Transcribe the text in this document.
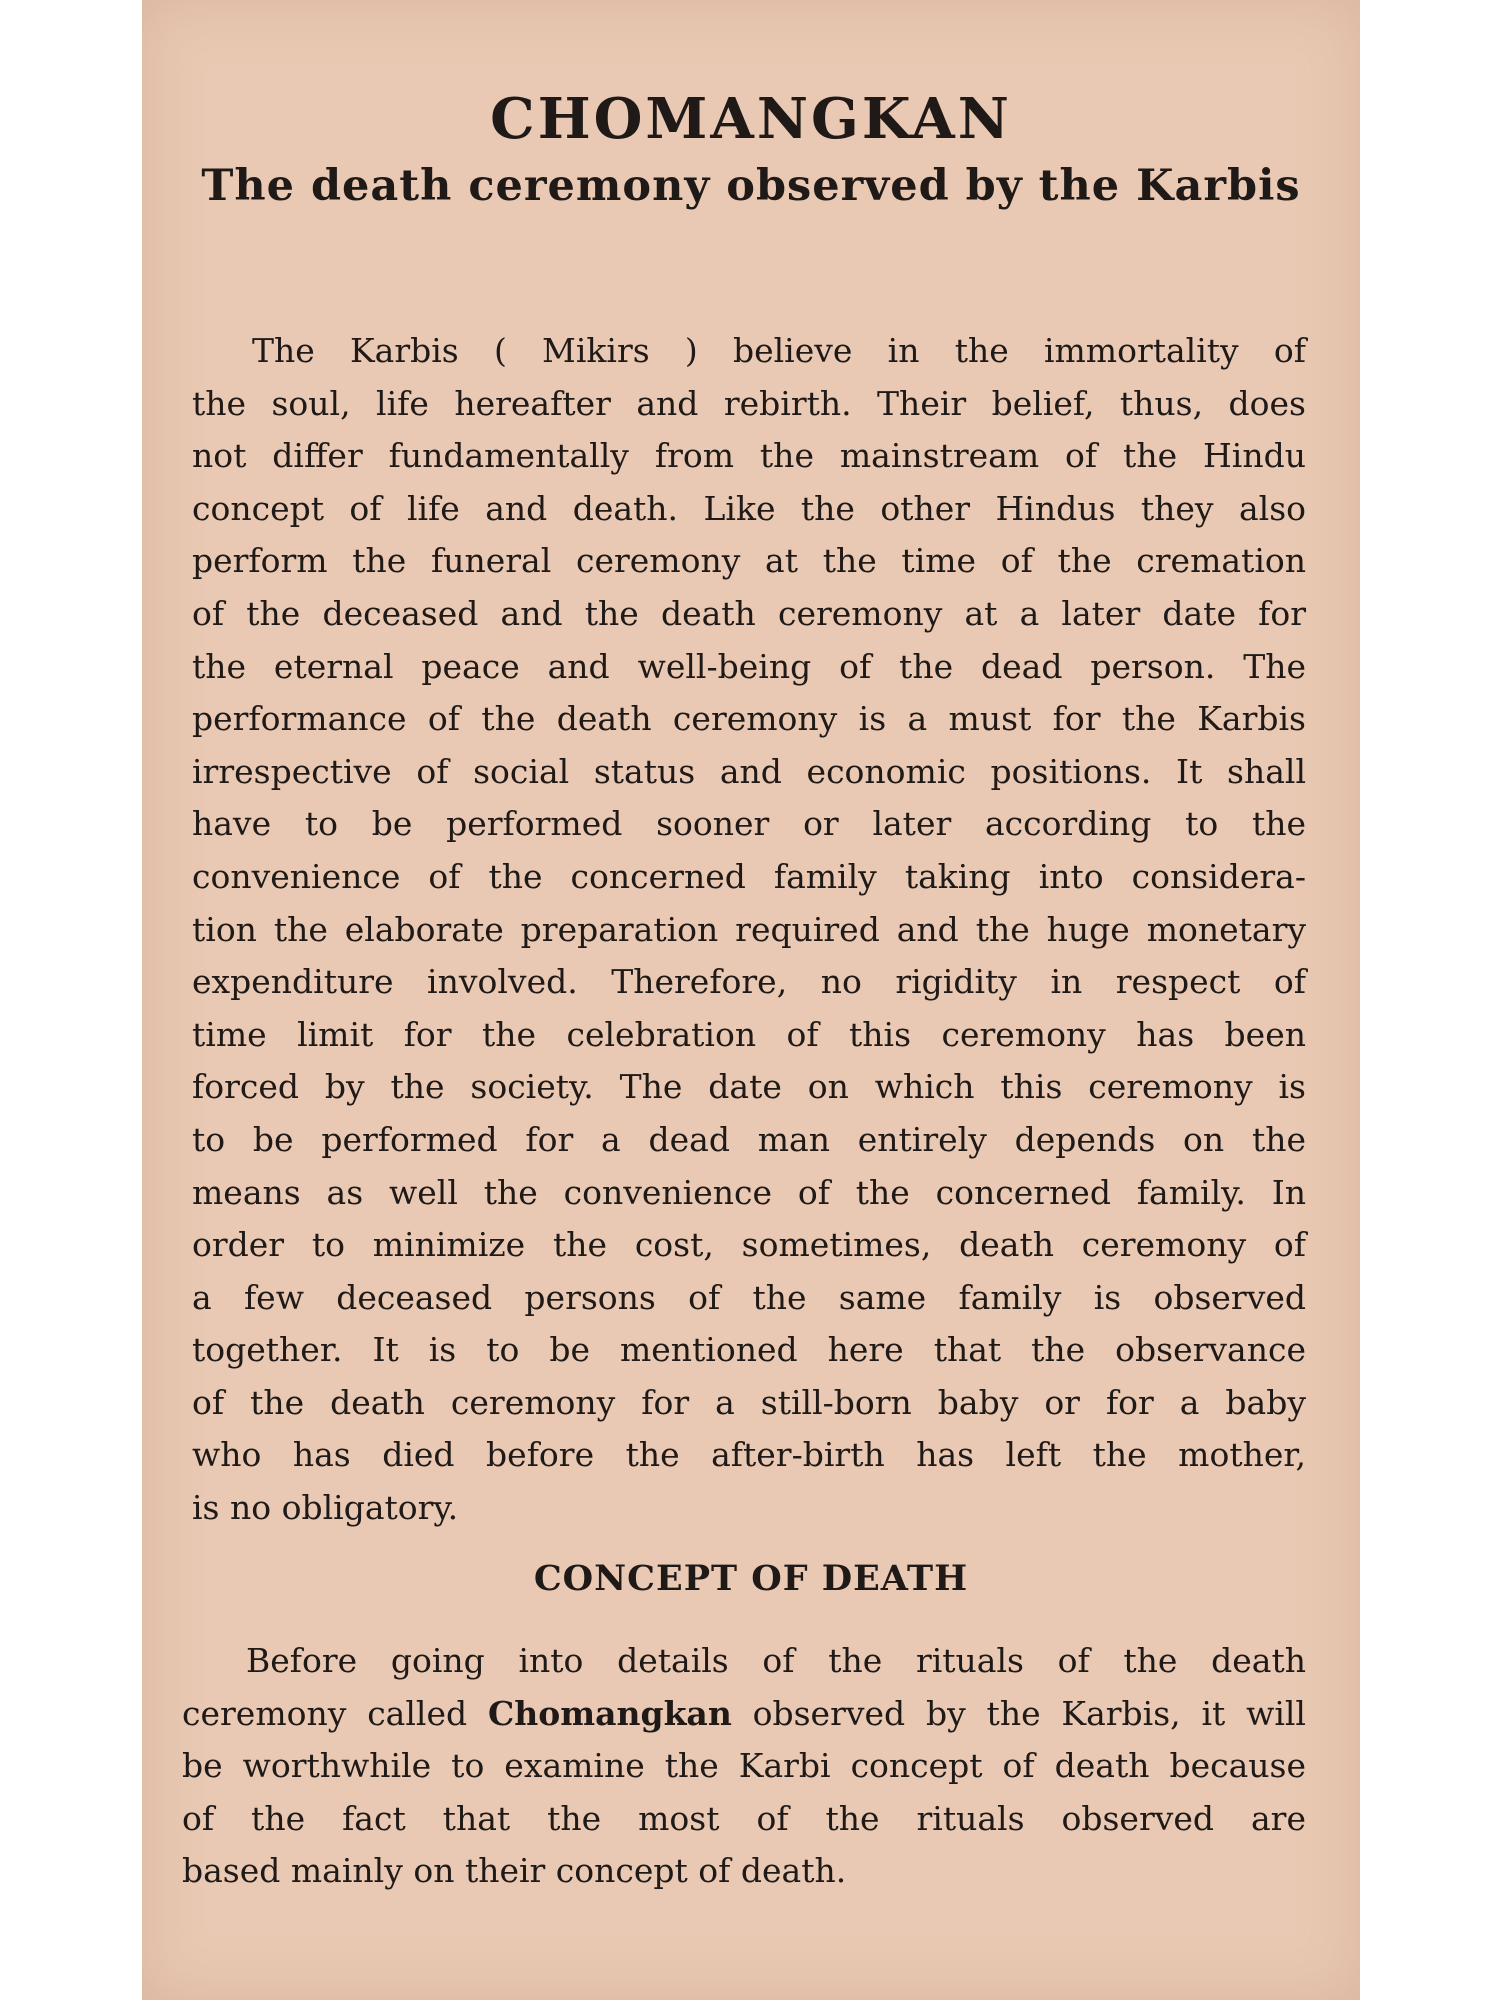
CHOMANGKAN
The death ceremony observed by the Karbis

The Karbis ( Mikirs ) believe in the immortality of
the soul, life hereafter and rebirth. Their belief, thus, does
not differ fundamentally from the mainstream of the Hindu
concept of life and death. Like the other Hindus they also
perform the funeral ceremony at the time of the cremation
of the deceased and the death ceremony at a later date for
the eternal peace and well-being of the dead person. The
performance of the death ceremony is a must for the Karbis
irrespective of social status and economic positions. It shall
have to be performed sooner or later according to the
convenience of the concerned family taking into considera-
tion the elaborate preparation required and the huge monetary
expenditure involved. Therefore, no rigidity in respect of
time limit for the celebration of this ceremony has been
forced by the society. The date on which this ceremony is
to be performed for a dead man entirely depends on the
means as well the convenience of the concerned family. In
order to minimize the cost, sometimes, death ceremony of
a few deceased persons of the same family is observed
together. It is to be mentioned here that the observance
of the death ceremony for a still-born baby or for a baby
who has died before the after-birth has left the mother,
is no obligatory.

CONCEPT OF DEATH

Before going into details of the rituals of the death
ceremony called Chomangkan observed by the Karbis, it will
be worthwhile to examine the Karbi concept of death because
of the fact that the most of the rituals observed are
based mainly on their concept of death.
